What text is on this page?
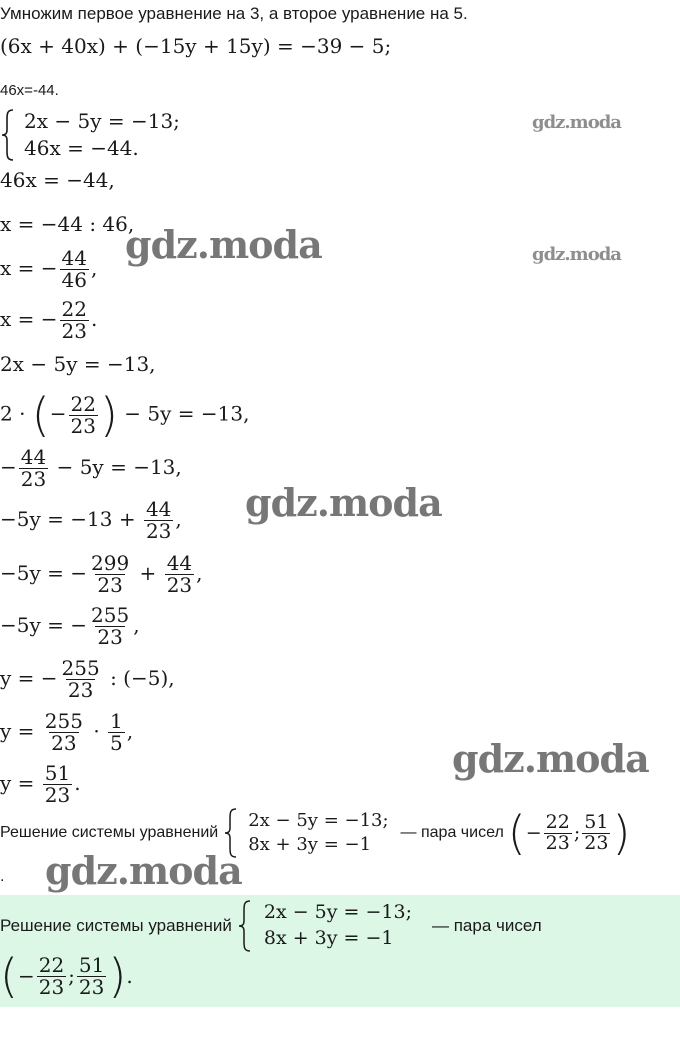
Умножим первое уравнение на 3, а второе уравнение на 5.
(6x + 40x) + (−15y + 15y) = −39 − 5;
46x=-44.
2x − 5y = −13;
46x = −44.
46x = −44,
x = −44 : 46,
x = − $\frac{44}{46}$ ,
x = − $\frac{22}{23}$ .
2x − 5y = −13,
2 · (− $\frac{22}{23}$ ) − 5y = −13,
− $\frac{44}{23} - 5y = -13$,
$-5y = -13 + \frac{44}{23}$ ,
−5y = − $\frac{299}{23} + \frac{44}{23}$ ,
−5y = − $\frac{255}{23}$ ,
y = − $\frac{255}{23}$ : (−5),
$y = \frac{255}{23} \cdot \frac{1}{5}$ ,
$y = \frac{51}{23}$ .
Решение системы уравнений
2x − 5y = −13;
8x + 3y = −1
— пара чисел ( − $\frac{22}{23}$ ; $\frac{51}{23}$ )
.
Решение системы уравнений
2x − 5y = −13;
8x + 3y = −1
— пара чисел
( − $\frac{22}{23}$ ; $\frac{51}{23}$ ) .
gdz.moda
gdz.moda	gdz.moda
gdz.moda
gdz.moda
gdz.moda
